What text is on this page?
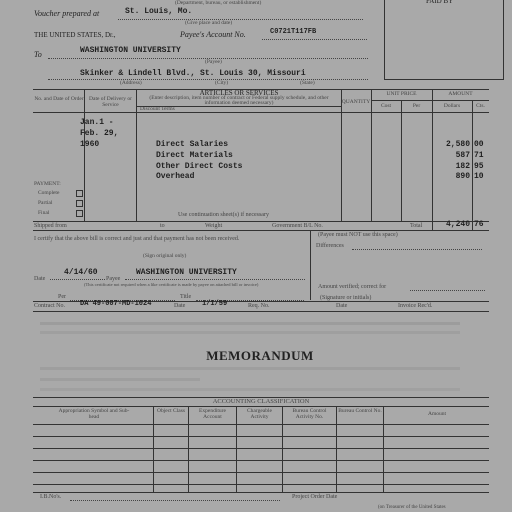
(Department, bureau, or establishment)	PAID BY
Voucher prepared at	St. Louis, Mo.
(Give place and date)
THE UNITED STATES, Dr.,	Payee's Account No.	C0721T117FB
To	WASHINGTON UNIVERSITY
(Payee)
Skinker & Lindell Blvd., St. Louis 30, Missouri
(Address)	(City)	(State)
No. and Date of Order Date of Delivery or Service
ARTICLES OR SERVICES
(Enter description, item number of contract or Federal supply schedule, and other information deemed necessary)
Discount Terms
QUANTITY
UNIT PRICE
Cost	Per
AMOUNT
Dollars	Cts.
Jan.1 -
Feb. 29,
1960	Direct Salaries	2,580 00
Direct Materials	587 71
Other Direct Costs	182 95
Overhead	890 10
PAYMENT:
Complete
Partial
Final	Use continuation sheet(s) if necessary
Shipped from	to	Weight	Government B/L No.	Total	4,240 76
I certify that the above bill is correct and just and that payment has not been received.
(Payee must NOT use this space)
Differences
(Sign original only)
Date
4/14/60
Payee
WASHINGTON UNIVERSITY
(This certificate not required when a like certificate is made by payee on attached bill or invoice)	Amount verified; correct for
Per	Title	(Signature or initials)
Contract No. DA 49-007-MD-1024	Date 1/1/59	Req. No.	Date	Invoice Rec'd.
MEMORANDUM
ACCOUNTING CLASSIFICATION
Appropriation Symbol and Sub-head
Object Class	Expenditure Account
Chargeable Activity
Bureau Control Activity No.
Bureau Control No.	Amount
I.B.No's.	Project Order Date
(on Treasurer of the United States
